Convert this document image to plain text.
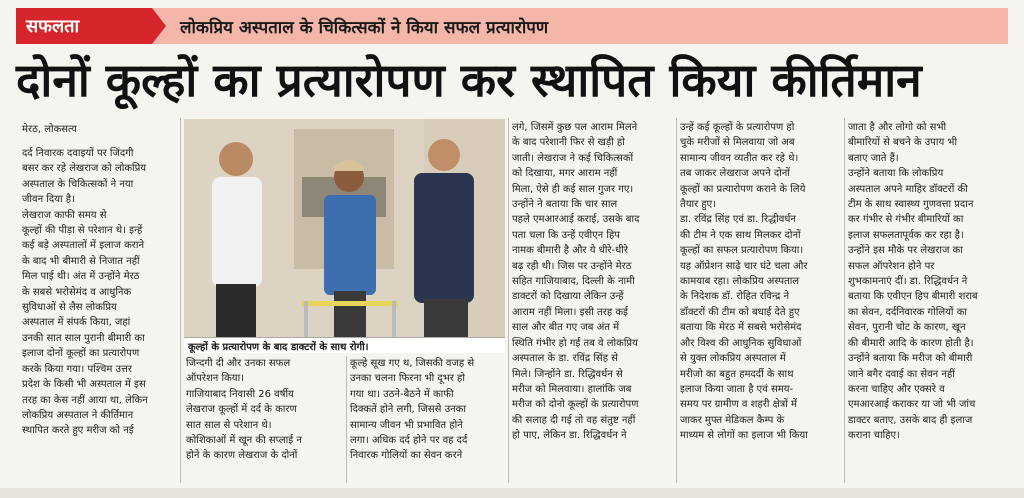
सफलता	लोकप्रिय अस्पताल के चिकित्सकों ने किया सफल प्रत्यारोपण
दोनों कूल्हों का प्रत्यारोपण कर स्थापित किया कीर्तिमान
मेरठ, लोकसत्य

दर्द निवारक दवाइयों पर जिंदगी

बसर कर रहे लेखराज को लोकप्रिय

अस्पताल के चिकित्सकों ने नया

जीवन दिया है।

लेखराज काफी समय से

कूल्हों की पीड़ा से परेशान थे। इन्हें

कई बड़े अस्पतालों में इलाज कराने

के बाद भी बीमारी से निजात नहीं

मिल पाई थी। अंत में उन्होंने मेरठ

के सबसे भरोसेमंद व आधुनिक

सुविधाओं से लैस लोकप्रिय

अस्पताल में संपर्क किया, जहां

उनकी सात साल पुरानी बीमारी का

इलाज दोनों कूल्हों का प्रत्यारोपण

करके किया गया। पश्चिम उत्तर

प्रदेश के किसी भी अस्पताल में इस

तरह का केस नहीं आया था, लेकिन

लोकप्रिय अस्पताल ने कीर्तिमान

स्थापित करते हुए मरीज को नई

कूल्हों के प्रत्यारोपण के बाद डाक्टरों के साथ रोगी।

जिन्दगी दी और उनका सफल

ऑपरेशन किया।

गाजियाबाद निवासी 26 वर्षीय

लेखराज कूल्हों में दर्द के कारण

सात साल से परेशान थे।

कोशिकाओं में खून की सप्लाई न

होने के कारण लेखराज के दोनों

कूल्हे सूख गए थ, जिसकी वजह से

उनका चलना फिरना भी दूभर हो

गया था। उठने-बैठने में काफी

दिक्कतें होने लगी, जिससे उनका

सामान्य जीवन भी प्रभावित होने

लगा। अधिक दर्द होने पर वह दर्द

निवारक गोलियों का सेवन करने

लगे, जिसमें कुछ पल आराम मिलने

के बाद परेशानी फिर से खड़ी हो

जाती। लेखराज ने कई चिकित्सकों

को दिखाया, मगर आराम नहीं

मिला, ऐसे ही कई साल गुजर गए।

उन्होंने ने बताया कि चार साल

पहले एमआरआई कराई, उसके बाद

पता चला कि उन्हें एवीएन हिप

नामक बीमारी है और ये धीरे-धीरे

बढ़ रही थी। जिस पर उन्होंने मेरठ

सहित गाजियाबाद, दिल्ली के नामी

डाक्टरों को दिखाया लेकिन उन्हें

आराम नहीं मिला। इसी तरह कई

साल और बीत गए जब अंत में

स्थिति गंभीर हो गई तब वे लोकप्रिय

अस्पताल के डा. रविंद्र सिंह से

मिले। जिन्होंने डा. रिद्धिवर्धन से

मरीज को मिलवाया। हालांकि जब

मरीज को दोनो कूल्हों के प्रत्यारोपण

की सलाह दी गई तो वह संतुष्ट नहीं

हो पाए, लेकिन डा. रिद्धिवर्धन ने

उन्हें कई कूल्हों के प्रत्यारोपण हो

चुके मरीजों से मिलवाया जो अब

सामान्य जीवन व्यतीत कर रहे थे।

तब जाकर लेखराज अपने दोनों

कूल्हों का प्रत्यारोपण कराने के लिये

तैयार हुए।

डा. रविंद्र सिंह एवं डा. रिद्धीवर्धन

की टीम ने एक साथ मिलकर दोनों

कूल्हों का सफल प्रत्यारोपण किया।

यह ऑप्रेशन साढ़े चार घंटे चला और

कामयाब रहा। लोकप्रिय अस्पताल

के निदेशक डॉ. रोहित रविन्द्र ने

डॉक्टरों की टीम को बधाई देते हुए

बताया कि मेरठ में सबसे भरोसेमंद

और विश्व की आधुनिक सुविधाओं

से युक्त लोकप्रिय अस्पताल में

मरीजो का बहुत हमदर्दी के साथ

इलाज किया जाता है एवं समय-

समय पर ग्रामीण व शहरी क्षेत्रों में

जाकर मुफ्त मेडिकल कैम्प के

माध्यम से लोगों का इलाज भी किया

जाता है और लोगो को सभी

बीमारियों से बचने के उपाय भी

बताए जाते हैं।

उन्होंने बताया कि लोकप्रिय

अस्पताल अपने माहिर डॉक्टरों की

टीम के साथ स्वास्थ्य गुणवत्ता प्रदान

कर गंभीर से गंभीर बीमारियों का

इलाज सफलतापूर्वक कर रहा है।

उन्होंने इस मौके पर लेखराज का

सफल ऑपरेशन होने पर

शुभकामनाएं दीं। डा. रिद्धिवर्धन ने

बताया कि एवीएन हिप बीमारी शराब

का सेवन, दर्दनिवारक गोलियों का

सेवन, पुरानी चोट के कारण, खून

की बीमारी आदि के कारण होती है।

उन्होंने बताया कि मरीज को बीमारी

जाने बगैर दवाई का सेवन नहीं

करना चाहिए और एक्सरे व

एमआरआई कराकर या जो भी जांच

डाक्टर बताए, उसके बाद ही इलाज

कराना चाहिए।
